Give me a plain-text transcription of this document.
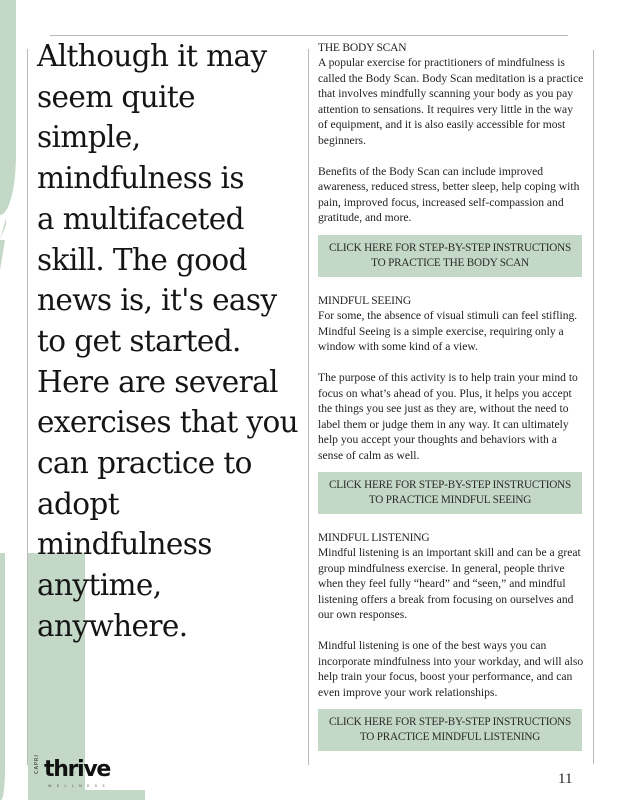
Although it may
seem quite simple,
mindfulness is
a multifaceted
skill. The good
news is, it's easy
to get started.
Here are several
exercises that you
can practice to
adopt mindfulness
anytime,
anywhere.
THE BODY SCAN

A popular exercise for practitioners of mindfulness is called the Body Scan. Body Scan meditation is a practice that involves mindfully scanning your body as you pay attention to sensations. It requires very little in the way of equipment, and it is also easily accessible for most beginners.

Benefits of the Body Scan can include improved awareness, reduced stress, better sleep, help coping with pain, improved focus, increased self-compassion and gratitude, and more.

CLICK HERE FOR STEP-BY-STEP INSTRUCTIONS TO PRACTICE THE BODY SCAN
MINDFUL SEEING

For some, the absence of visual stimuli can feel stifling. Mindful Seeing is a simple exercise, requiring only a window with some kind of a view.

The purpose of this activity is to help train your mind to focus on what’s ahead of you. Plus, it helps you accept the things you see just as they are, without the need to label them or judge them in any way. It can ultimately help you accept your thoughts and behaviors with a sense of calm as well.

CLICK HERE FOR STEP-BY-STEP INSTRUCTIONS TO PRACTICE MINDFUL SEEING
MINDFUL LISTENING

Mindful listening is an important skill and can be a great group mindfulness exercise. In general, people thrive when they feel fully “heard” and “seen,” and mindful listening offers a break from focusing on ourselves and our own responses.

Mindful listening is one of the best ways you can incorporate mindfulness into your workday, and will also help train your focus, boost your performance, and can even improve your work relationships.

CLICK HERE FOR STEP-BY-STEP INSTRUCTIONS TO PRACTICE MINDFUL LISTENING
CAPRI thrive
WELLNESS	11
